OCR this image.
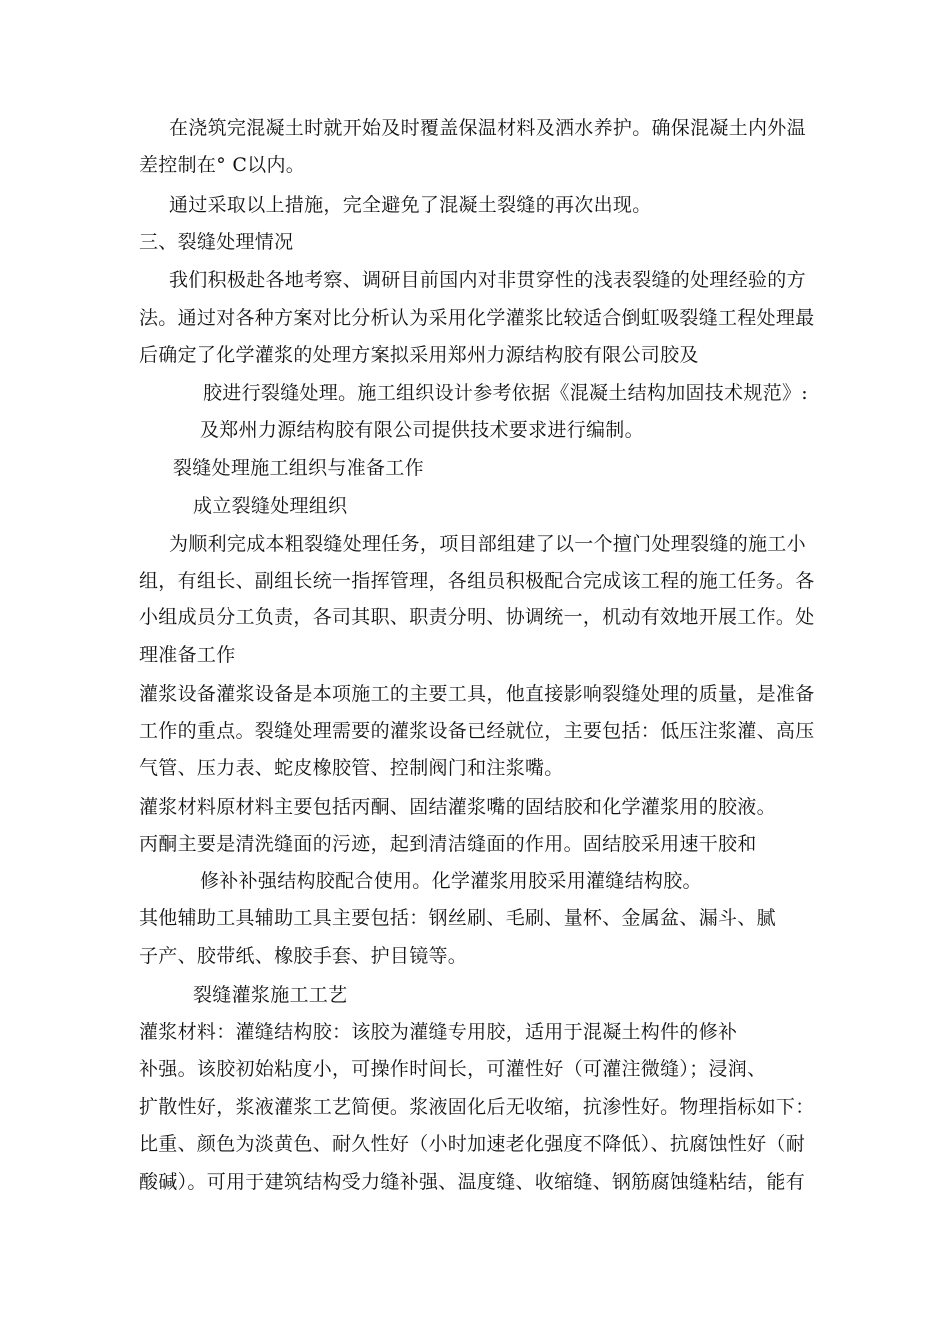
在浇筑完混凝土时就开始及时覆盖保温材料及洒水养护。确保混凝土内外温
差控制在° C以内。
通过采取以上措施，完全避免了混凝土裂缝的再次出现。
三、裂缝处理情况
我们积极赴各地考察、调研目前国内对非贯穿性的浅表裂缝的处理经验的方
法。通过对各种方案对比分析认为采用化学灌浆比较适合倒虹吸裂缝工程处理最
后确定了化学灌浆的处理方案拟采用郑州力源结构胶有限公司胶及
胶进行裂缝处理。施工组织设计参考依据《混凝土结构加固技术规范》:
及郑州力源结构胶有限公司提供技术要求进行编制。
裂缝处理施工组织与准备工作
成立裂缝处理组织
为顺利完成本粗裂缝处理任务，项目部组建了以一个擅门处理裂缝的施工小
组，有组长、副组长统一指挥管理，各组员积极配合完成该工程的施工任务。各
小组成员分工负责，各司其职、职责分明、协调统一，机动有效地开展工作。处
理准备工作
灌浆设备灌浆设备是本项施工的主要工具，他直接影响裂缝处理的质量，是准备
工作的重点。裂缝处理需要的灌浆设备已经就位，主要包括：低压注浆灌、高压
气管、压力表、蛇皮橡胶管、控制阀门和注浆嘴。
灌浆材料原材料主要包括丙酮、固结灌浆嘴的固结胶和化学灌浆用的胶液。
丙酮主要是清洗缝面的污迹，起到清洁缝面的作用。固结胶采用速干胶和
修补补强结构胶配合使用。化学灌浆用胶采用灌缝结构胶。
其他辅助工具辅助工具主要包括：钢丝刷、毛刷、量杯、金属盆、漏斗、腻
子产、胶带纸、橡胶手套、护目镜等。
裂缝灌浆施工工艺
灌浆材料：灌缝结构胶：该胶为灌缝专用胶，适用于混凝土构件的修补
补强。该胶初始粘度小，可操作时间长，可灌性好（可灌注微缝）；浸润、
扩散性好，浆液灌浆工艺简便。浆液固化后无收缩，抗渗性好。物理指标如下：
比重、颜色为淡黄色、耐久性好（小时加速老化强度不降低）、抗腐蚀性好（耐
酸碱）。可用于建筑结构受力缝补强、温度缝、收缩缝、钢筋腐蚀缝粘结，能有
